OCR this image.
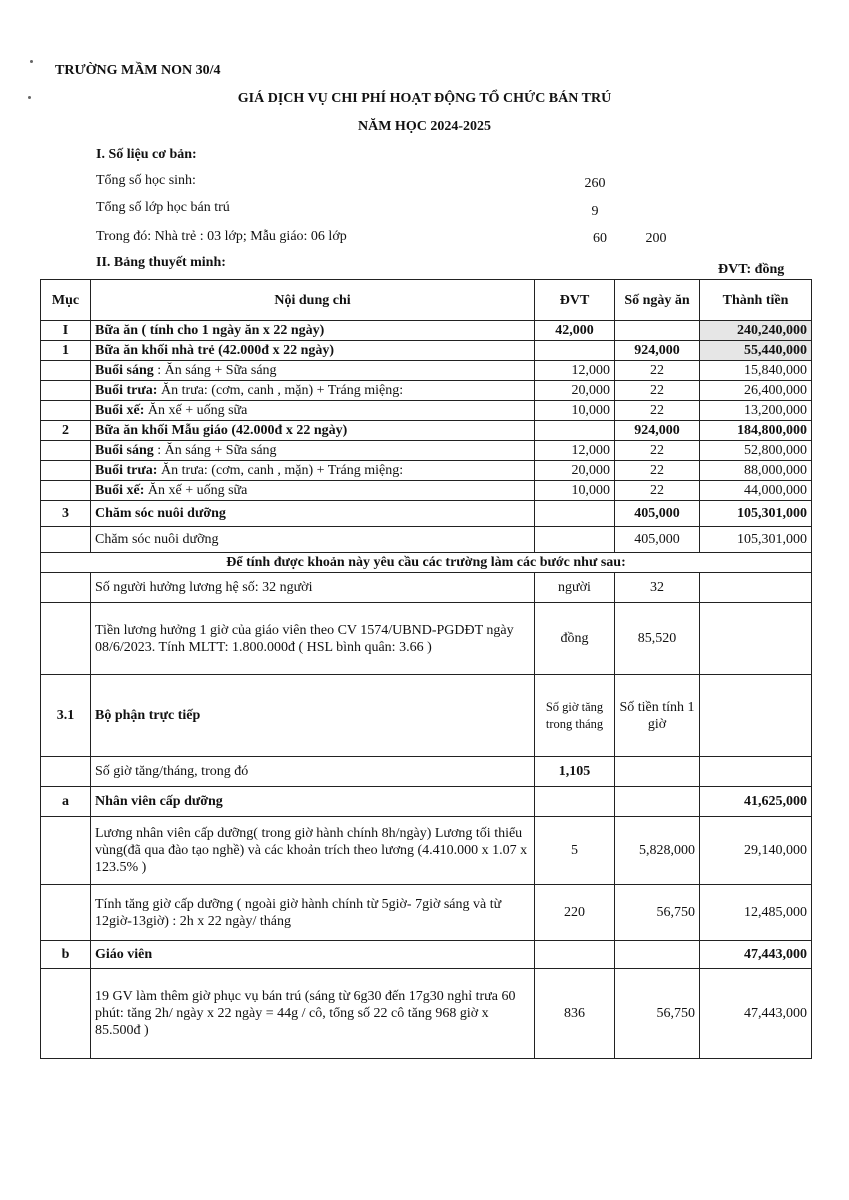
TRƯỜNG MẦM NON 30/4
GIÁ DỊCH VỤ CHI PHÍ HOẠT ĐỘNG TỔ CHỨC BÁN TRÚ
NĂM HỌC 2024-2025
I. Số liệu cơ bản:
Tổng số học sinh:	260
Tổng số lớp học bán trú	9
Trong đó: Nhà trẻ : 03 lớp; Mẫu giáo: 06 lớp	60	200
II. Bảng thuyết minh:	ĐVT: đồng
Mục	Nội dung chi	ĐVT	Số ngày ăn	Thành tiền
I	Bữa ăn ( tính cho 1 ngày ăn x 22 ngày)	42,000		240,240,000
1	Bữa ăn khối nhà trẻ (42.000đ x 22 ngày)		924,000	55,440,000
	Buổi sáng : Ăn sáng + Sữa sáng	12,000	22	15,840,000
	Buổi trưa: Ăn trưa: (cơm, canh , mặn) + Tráng miệng:	20,000	22	26,400,000
	Buổi xế: Ăn xế + uống sữa	10,000	22	13,200,000
2	Bữa ăn khối Mẫu giáo (42.000đ x 22 ngày)		924,000	184,800,000
	Buổi sáng : Ăn sáng + Sữa sáng	12,000	22	52,800,000
	Buổi trưa: Ăn trưa: (cơm, canh , mặn) + Tráng miệng:	20,000	22	88,000,000
	Buổi xế: Ăn xế + uống sữa	10,000	22	44,000,000
3	Chăm sóc nuôi dưỡng		405,000	105,301,000
	Chăm sóc nuôi dưỡng		405,000	105,301,000
Để tính được khoản này yêu cầu các trường làm các bước như sau:				
	Số người hưởng lương hệ số: 32 người	người	32	
	Tiền lương hưởng 1 giờ của giáo viên theo CV 1574/UBND-PGDĐT ngày 08/6/2023. Tính MLTT: 1.800.000đ ( HSL bình quân: 3.66 )	đồng	85,520	
3.1	Bộ phận trực tiếp	Số giờ tăng trong tháng	Số tiền tính 1 giờ	
	Số giờ tăng/tháng, trong đó	1,105		
a	Nhân viên cấp dưỡng			41,625,000
	Lương nhân viên cấp dưỡng( trong giờ hành chính 8h/ngày) Lương tối thiểu vùng(đã qua đào tạo nghề) và các khoản trích theo lương (4.410.000 x 1.07 x 123.5% )	5	5,828,000	29,140,000
	Tính tăng giờ cấp dưỡng ( ngoài giờ hành chính từ 5giờ- 7giờ sáng và từ 12giờ-13giờ) : 2h x 22 ngày/ tháng	220	56,750	12,485,000
b	Giáo viên			47,443,000
	19 GV làm thêm giờ phục vụ bán trú (sáng từ 6g30 đến 17g30 nghỉ trưa 60 phút: tăng 2h/ ngày x 22 ngày = 44g / cô, tổng số 22 cô tăng 968 giờ x 85.500đ )	836	56,750	47,443,000
